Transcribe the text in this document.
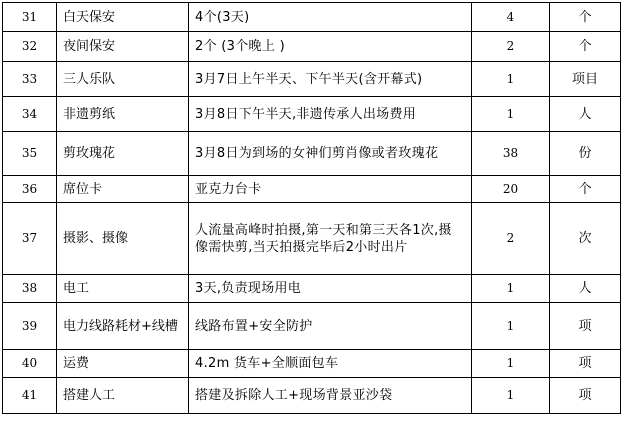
31	白天保安	4个(3天)	4	个
32	夜间保安	2个 (3个晚上 )	2	个
33	三人乐队	3月7日上午半天、下午半天(含开幕式)	1	项目
34	非遗剪纸	3月8日下午半天,非遗传承人出场费用	1	人
35	剪玫瑰花	3月8日为到场的女神们剪肖像或者玫瑰花	38	份
36	席位卡	亚克力台卡	20	个
37	摄影、摄像	人流量高峰时拍摄,第一天和第三天各1次,摄像需快剪,当天拍摄完毕后2小时出片	2	次
38	电工	3天,负责现场用电	1	人
39	电力线路耗材+线槽	线路布置+安全防护	1	项
40	运费	4.2m 货车+全顺面包车	1	项
41	搭建人工	搭建及拆除人工+现场背景亚沙袋	1	项
